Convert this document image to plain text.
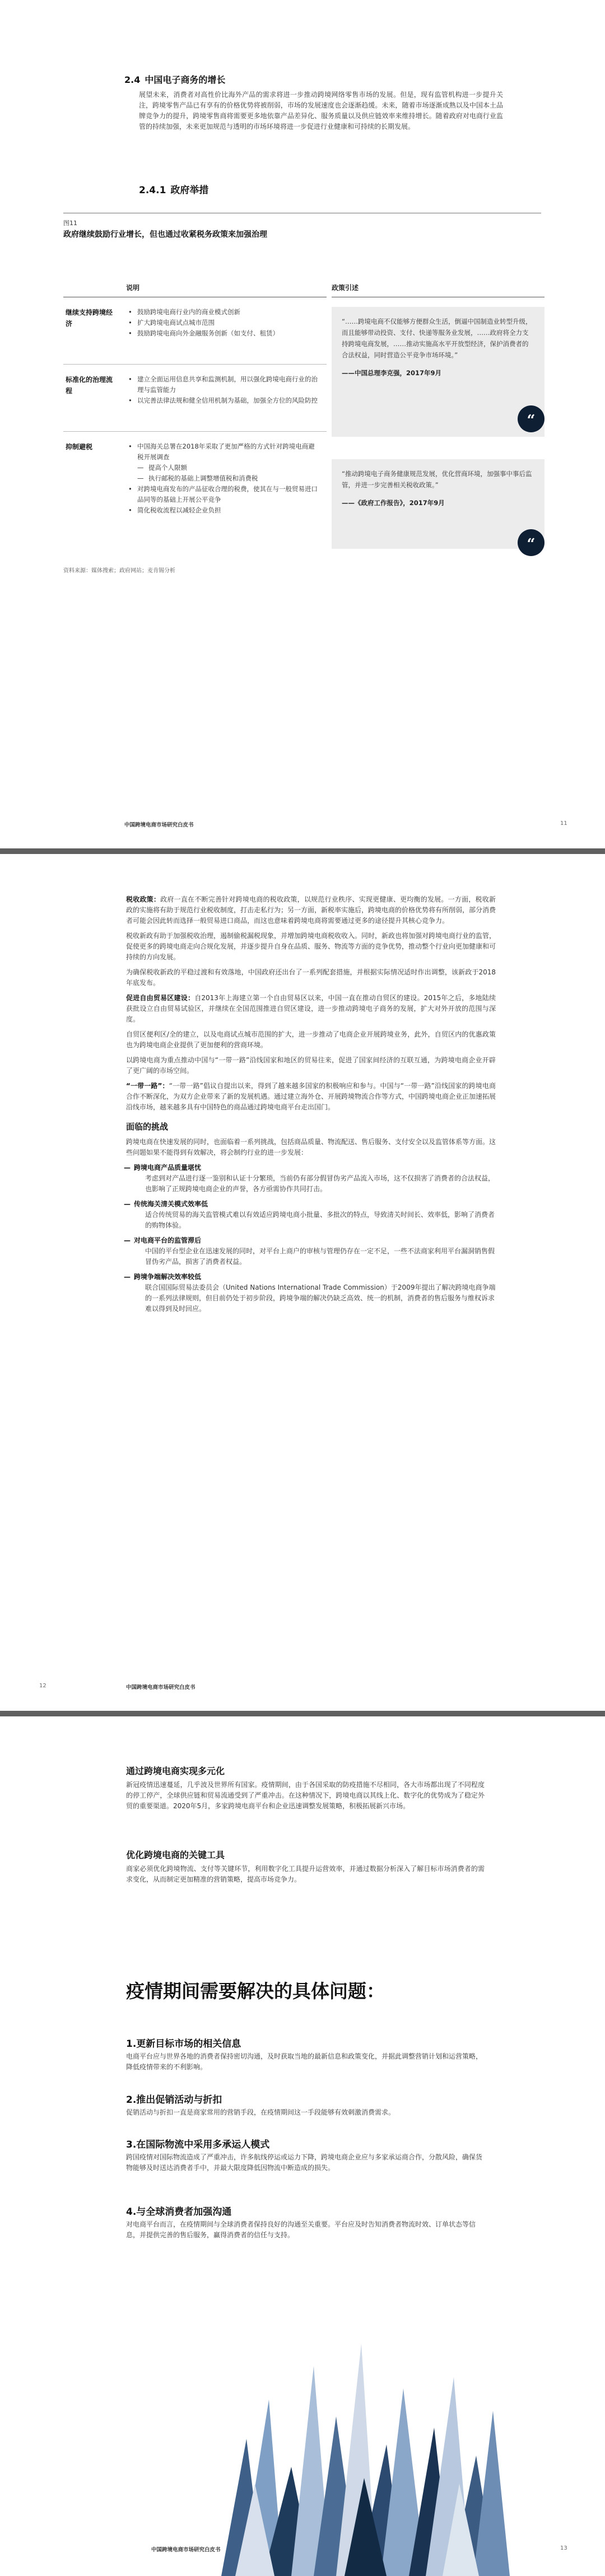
2.4 中国电子商务的增长

展望未来，消费者对高性价比海外产品的需求将进一步推动跨境网络零售市场的发展。但是，现有监管机构进一步提升关注，跨境零售产品已有享有的价格优势将被削弱，市场的发展速度也会逐渐趋缓。未来，随着市场逐渐成熟以及中国本土品牌竞争力的提升，跨境零售商将需要更多地依靠产品差异化、服务质量以及供应链效率来维持增长。随着政府对电商行业监管的持续加强，未来更加规范与透明的市场环境将进一步促进行业健康和可持续的长期发展。

2.4.1 政府举措
图11
政府继续鼓励行业增长，但也通过收紧税务政策来加强治理
说明	政策引述
继续支持跨境经济
• 鼓励跨境电商行业内的商业模式创新
• 扩大跨境电商试点城市范围
• 鼓励跨境电商向外金融服务创新（如支付、租赁）
标准化的治理流程
• 建立全面运用信息共享和监测机制，用以强化跨境电商行业的治理与监管能力
• 以完善法律法规和健全信用机制为基础，加强全方位的风险防控
抑制避税
•	中国海关总署在2018年采取了更加严格的方式针对跨境电商避税开展调查
— 提高个人限额
— 执行邮税的基础上调整增值税和消费税
• 对跨境电商发布的产品征收合理的税费，使其在与一般贸易进口品同等的基础上开展公平竞争
• 简化税收流程以减轻企业负担
“……跨境电商不仅能够方便群众生活，倒逼中国制造业转型升级，而且能够带动投资、支付、快递等服务业发展，……政府将全力支持跨境电商发展，……推动实施高水平开放型经济，保护消费者的合法权益，同时营造公平竞争市场环境。”
——中国总理李克强，2017年9月
“
“推动跨境电子商务健康规范发展，优化营商环境，加强事中事后监管，并进一步完善相关税收政策。”
——《政府工作报告》，2017年9月
“
资料来源：媒体搜索；政府网站；麦肯锡分析
中国跨境电商市场研究白皮书	11

税收政策：政府一直在不断完善针对跨境电商的税收政策，以规范行业秩序、实现更健康、更均衡的发展。一方面，税收新政的实施将有助于规范行业税收制度，打击走私行为；另一方面，新税率实施后，跨境电商的价格优势将有所削弱，部分消费者可能会因此转而选择一般贸易进口商品，而这也意味着跨境电商将需要通过更多的途径提升其核心竞争力。

税收新政有助于加强税收治理，遏制偷税漏税现象，并增加跨境电商税收收入。同时，新政也将加强对跨境电商行业的监管，促使更多的跨境电商走向合规化发展，并逐步提升自身在品质、服务、物流等方面的竞争优势，推动整个行业向更加健康和可持续的方向发展。

为确保税收新政的平稳过渡和有效落地，中国政府还出台了一系列配套措施，并根据实际情况适时作出调整，该新政于2018年底发布。

促进自由贸易区建设：自2013年上海建立第一个自由贸易区以来，中国一直在推动自贸区的建设。2015年之后，多地陆续获批设立自由贸易试验区，并继续在全国范围推进自贸区建设，进一步推动跨境电子商务的发展，扩大对外开放的范围与深度。

自贸区便利区/全的建立，以及电商试点城市范围的扩大，进一步推动了电商企业开展跨境业务，此外，自贸区内的优惠政策也为跨境电商企业提供了更加便利的营商环境。

以跨境电商为重点推动中国与“一带一路”沿线国家和地区的贸易往来，促进了国家间经济的互联互通，为跨境电商企业开辟了更广阔的市场空间。

“一带一路”：“一带一路”倡议自提出以来，得到了越来越多国家的积极响应和参与。中国与“一带一路”沿线国家的跨境电商合作不断深化，为双方企业带来了新的发展机遇。通过建立海外仓、开展跨境物流合作等方式，中国跨境电商企业正加速拓展沿线市场，越来越多具有中国特色的商品通过跨境电商平台走出国门。

面临的挑战

跨境电商在快速发展的同时，也面临着一系列挑战，包括商品质量、物流配送、售后服务、支付安全以及监管体系等方面。这些问题如果不能得到有效解决，将会制约行业的进一步发展：

— 跨境电商产品质量堪忧
考虑到对产品进行逐一鉴别和认证十分繁琐，当前仍有部分假冒伪劣产品流入市场，这不仅损害了消费者的合法权益，也影响了正规跨境电商企业的声誉，各方亟需协作共同打击。
— 传统海关清关模式效率低
适合传统贸易的海关监管模式难以有效适应跨境电商小批量、多批次的特点，导致清关时间长、效率低，影响了消费者的购物体验。
— 对电商平台的监管滞后
中国的平台型企业在迅速发展的同时，对平台上商户的审核与管理仍存在一定不足，一些不法商家利用平台漏洞销售假冒伪劣产品，损害了消费者权益。
— 跨境争端解决效率较低
联合国国际贸易法委员会（United Nations International Trade Commission）于2009年提出了解决跨境电商争端的一系列法律规则，但目前仍处于初步阶段，跨境争端的解决仍缺乏高效、统一的机制，消费者的售后服务与维权诉求难以得到及时回应。
12	中国跨境电商市场研究白皮书
通过跨境电商实现多元化
新冠疫情迅速蔓延，几乎波及世界所有国家。疫情期间，由于各国采取的防疫措施不尽相同，各大市场都出现了不同程度的停工停产，全球供应链和贸易流通受到了严重冲击。在这种情况下，跨境电商以其线上化、数字化的优势成为了稳定外贸的重要渠道。2020年5月，多家跨境电商平台和企业迅速调整发展策略，积极拓展新兴市场。
优化跨境电商的关键工具
商家必须优化跨境物流、支付等关键环节，利用数字化工具提升运营效率，并通过数据分析深入了解目标市场消费者的需求变化，从而制定更加精准的营销策略，提高市场竞争力。
疫情期间需要解决的具体问题：
1.更新目标市场的相关信息
电商平台应与世界各地的消费者保持密切沟通，及时获取当地的最新信息和政策变化，并据此调整营销计划和运营策略，降低疫情带来的不利影响。
2.推出促销活动与折扣
促销活动与折扣一直是商家常用的营销手段，在疫情期间这一手段能够有效刺激消费需求。
3.在国际物流中采用多承运人模式
跨国疫情对国际物流造成了严重冲击，许多航线停运或运力下降，跨境电商企业应与多家承运商合作，分散风险，确保货物能够及时送达消费者手中，并最大限度降低因物流中断造成的损失。
4.与全球消费者加强沟通
对电商平台而言，在疫情期间与全球消费者保持良好的沟通至关重要。平台应及时告知消费者物流时效、订单状态等信息，并提供完善的售后服务，赢得消费者的信任与支持。
中国跨境电商市场研究白皮书	13
